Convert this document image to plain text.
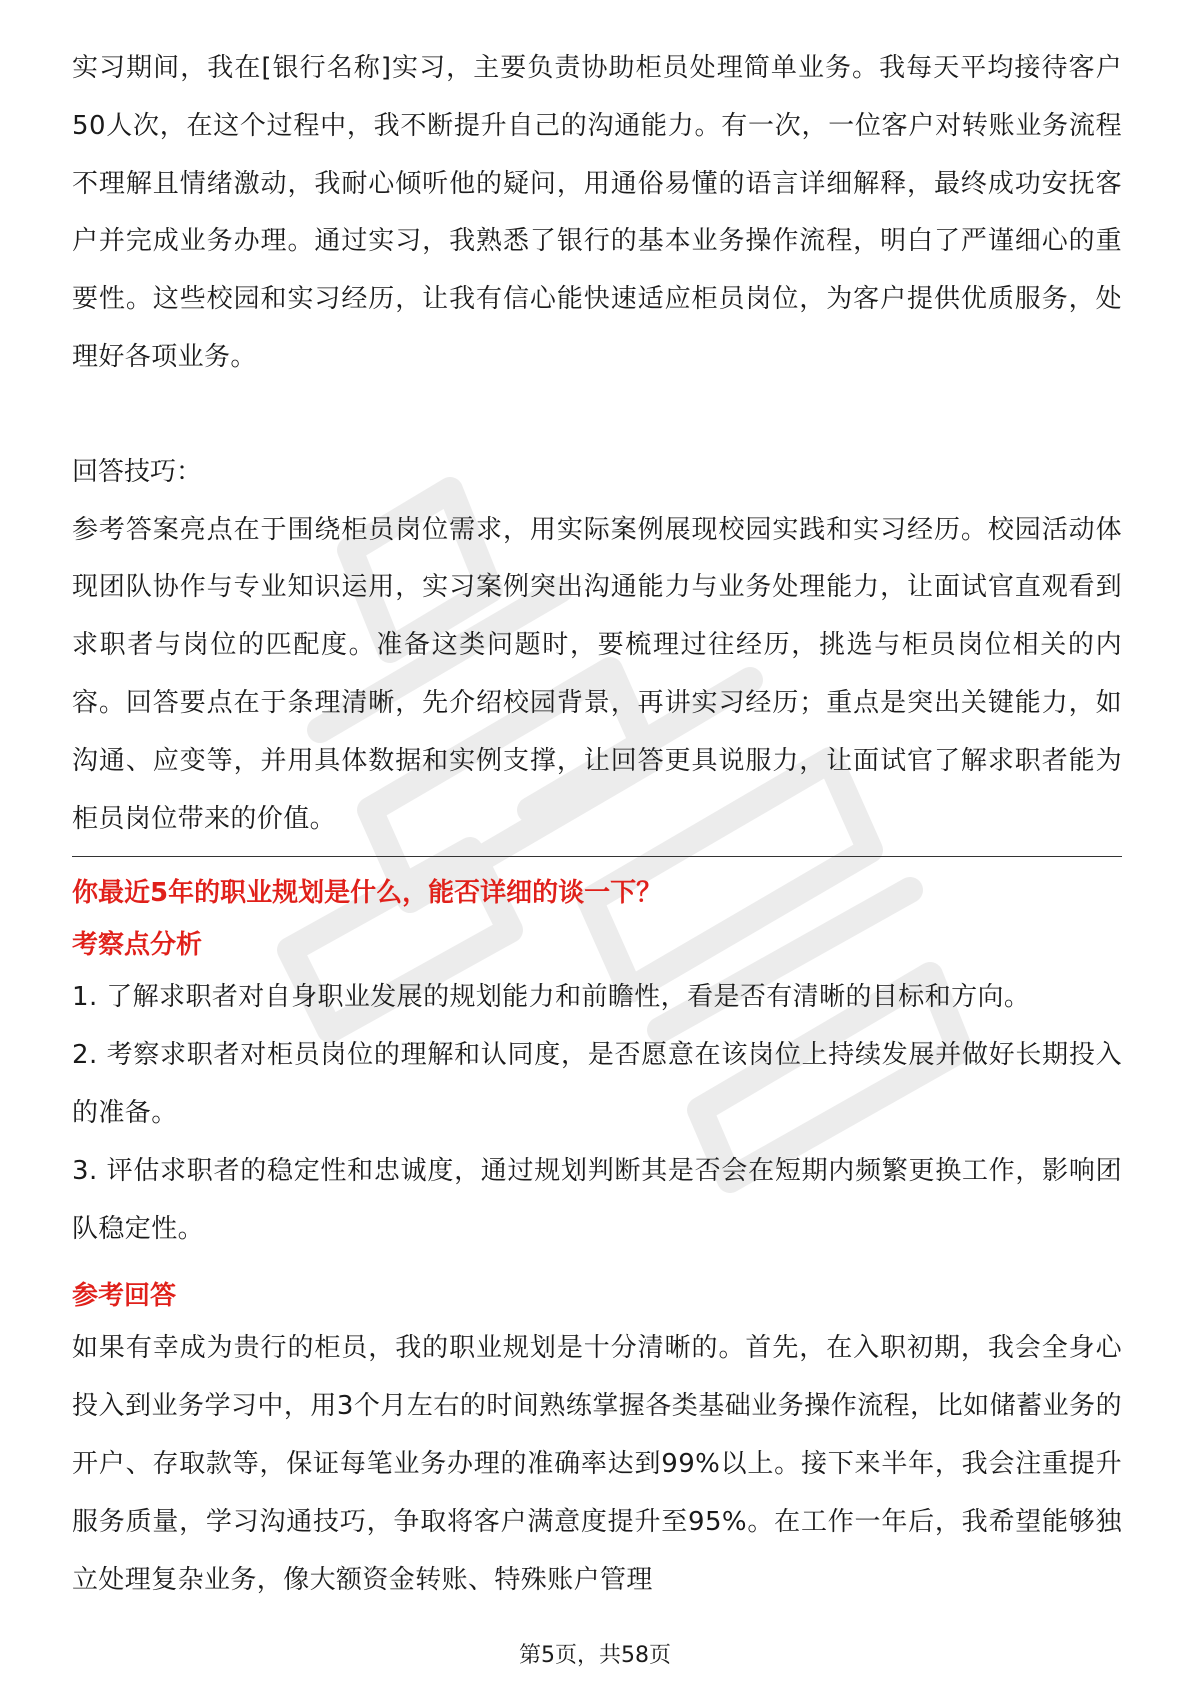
实习期间，我在[银行名称]实习，主要负责协助柜员处理简单业务。我每天平均接待客户50人次，在这个过程中，我不断提升自己的沟通能力。有一次，一位客户对转账业务流程不理解且情绪激动，我耐心倾听他的疑问，用通俗易懂的语言详细解释，最终成功安抚客户并完成业务办理。通过实习，我熟悉了银行的基本业务操作流程，明白了严谨细心的重要性。这些校园和实习经历，让我有信心能快速适应柜员岗位，为客户提供优质服务，处理好各项业务。

回答技巧：

参考答案亮点在于围绕柜员岗位需求，用实际案例展现校园实践和实习经历。校园活动体现团队协作与专业知识运用，实习案例突出沟通能力与业务处理能力，让面试官直观看到求职者与岗位的匹配度。准备这类问题时，要梳理过往经历，挑选与柜员岗位相关的内容。回答要点在于条理清晰，先介绍校园背景，再讲实习经历；重点是突出关键能力，如沟通、应变等，并用具体数据和实例支撑，让回答更具说服力，让面试官了解求职者能为柜员岗位带来的价值。

你最近5年的职业规划是什么，能否详细的谈一下？

考察点分析

1. 了解求职者对自身职业发展的规划能力和前瞻性，看是否有清晰的目标和方向。
2. 考察求职者对柜员岗位的理解和认同度，是否愿意在该岗位上持续发展并做好长期投入的准备。
3. 评估求职者的稳定性和忠诚度，通过规划判断其是否会在短期内频繁更换工作，影响团队稳定性。

参考回答

如果有幸成为贵行的柜员，我的职业规划是十分清晰的。首先，在入职初期，我会全身心投入到业务学习中，用3个月左右的时间熟练掌握各类基础业务操作流程，比如储蓄业务的开户、存取款等，保证每笔业务办理的准确率达到99%以上。接下来半年，我会注重提升服务质量，学习沟通技巧，争取将客户满意度提升至95%。在工作一年后，我希望能够独立处理复杂业务，像大额资金转账、特殊账户管理

第5页，共58页
